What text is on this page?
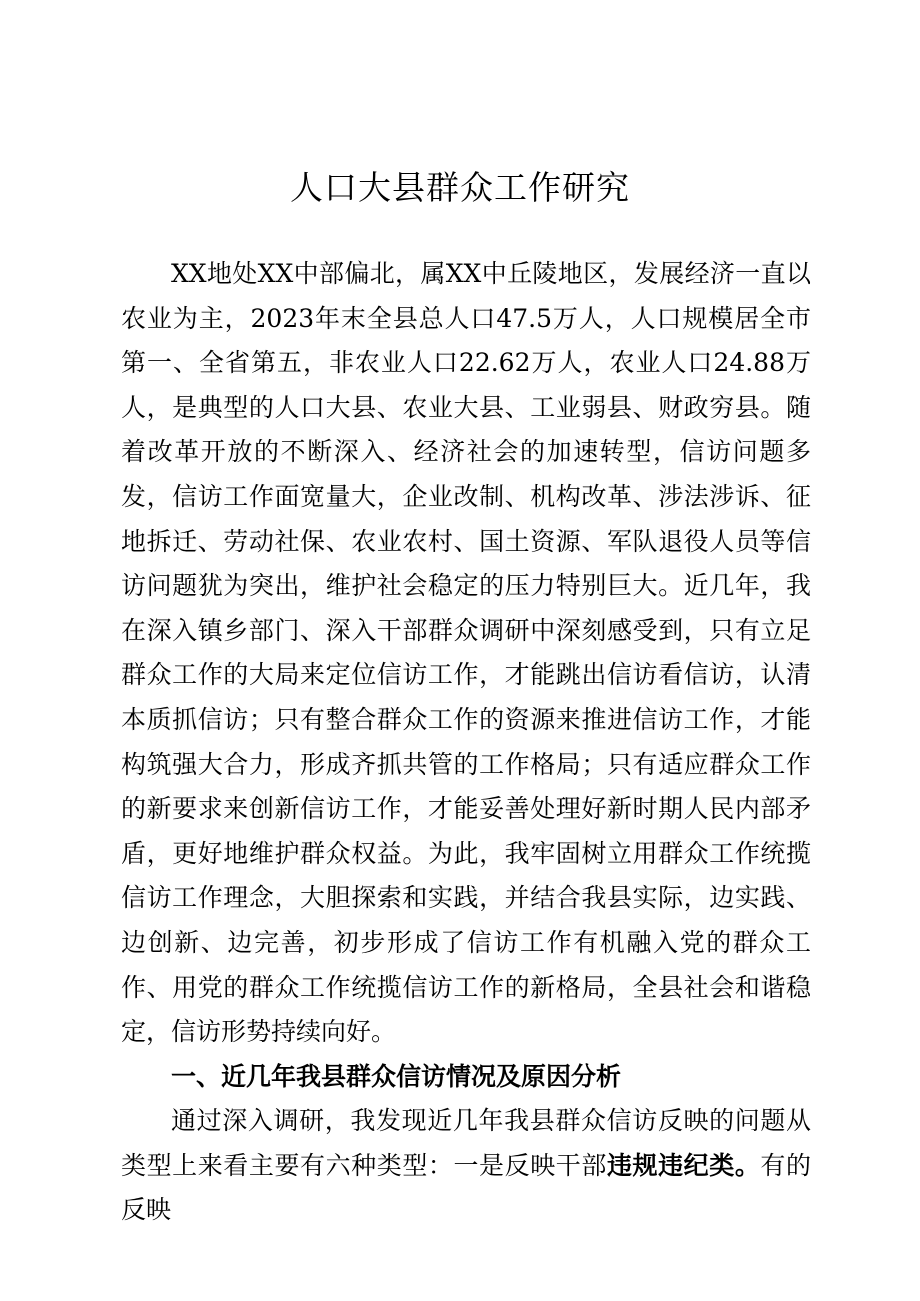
人口大县群众工作研究

XX地处XX中部偏北，属XX中丘陵地区，发展经济一直以农业为主，2023年末全县总人口47.5万人，人口规模居全市第一、全省第五，非农业人口22.62万人，农业人口24.88万人，是典型的人口大县、农业大县、工业弱县、财政穷县。随着改革开放的不断深入、经济社会的加速转型，信访问题多发，信访工作面宽量大，企业改制、机构改革、涉法涉诉、征地拆迁、劳动社保、农业农村、国土资源、军队退役人员等信访问题犹为突出，维护社会稳定的压力特别巨大。近几年，我在深入镇乡部门、深入干部群众调研中深刻感受到，只有立足群众工作的大局来定位信访工作，才能跳出信访看信访，认清本质抓信访；只有整合群众工作的资源来推进信访工作，才能构筑强大合力，形成齐抓共管的工作格局；只有适应群众工作的新要求来创新信访工作，才能妥善处理好新时期人民内部矛盾，更好地维护群众权益。为此，我牢固树立用群众工作统揽信访工作理念，大胆探索和实践，并结合我县实际，边实践、边创新、边完善，初步形成了信访工作有机融入党的群众工作、用党的群众工作统揽信访工作的新格局，全县社会和谐稳定，信访形势持续向好。

一、近几年我县群众信访情况及原因分析

通过深入调研，我发现近几年我县群众信访反映的问题从类型上来看主要有六种类型：一是反映干部违规违纪类。有的反映
